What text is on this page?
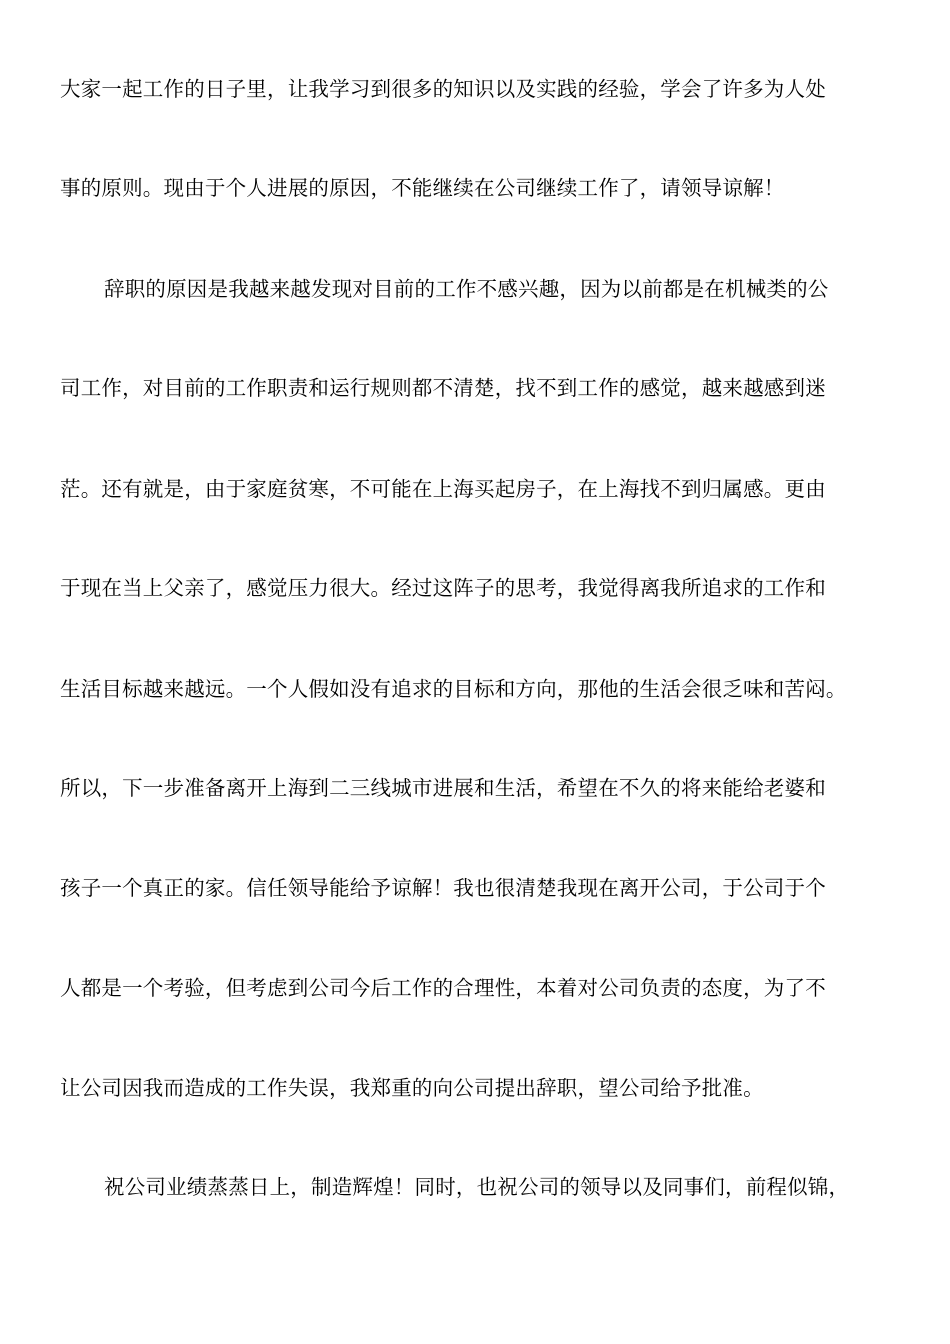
大家一起工作的日子里，让我学习到很多的知识以及实践的经验，学会了许多为人处
事的原则。现由于个人进展的原因，不能继续在公司继续工作了，请领导谅解！
辞职的原因是我越来越发现对目前的工作不感兴趣，因为以前都是在机械类的公
司工作，对目前的工作职责和运行规则都不清楚，找不到工作的感觉，越来越感到迷
茫。还有就是，由于家庭贫寒，不可能在上海买起房子，在上海找不到归属感。更由
于现在当上父亲了，感觉压力很大。经过这阵子的思考，我觉得离我所追求的工作和
生活目标越来越远。一个人假如没有追求的目标和方向，那他的生活会很乏味和苦闷。
所以，下一步准备离开上海到二三线城市进展和生活，希望在不久的将来能给老婆和
孩子一个真正的家。信任领导能给予谅解！我也很清楚我现在离开公司，于公司于个
人都是一个考验，但考虑到公司今后工作的合理性，本着对公司负责的态度，为了不
让公司因我而造成的工作失误，我郑重的向公司提出辞职，望公司给予批准。
祝公司业绩蒸蒸日上，制造辉煌！同时，也祝公司的领导以及同事们，前程似锦，
